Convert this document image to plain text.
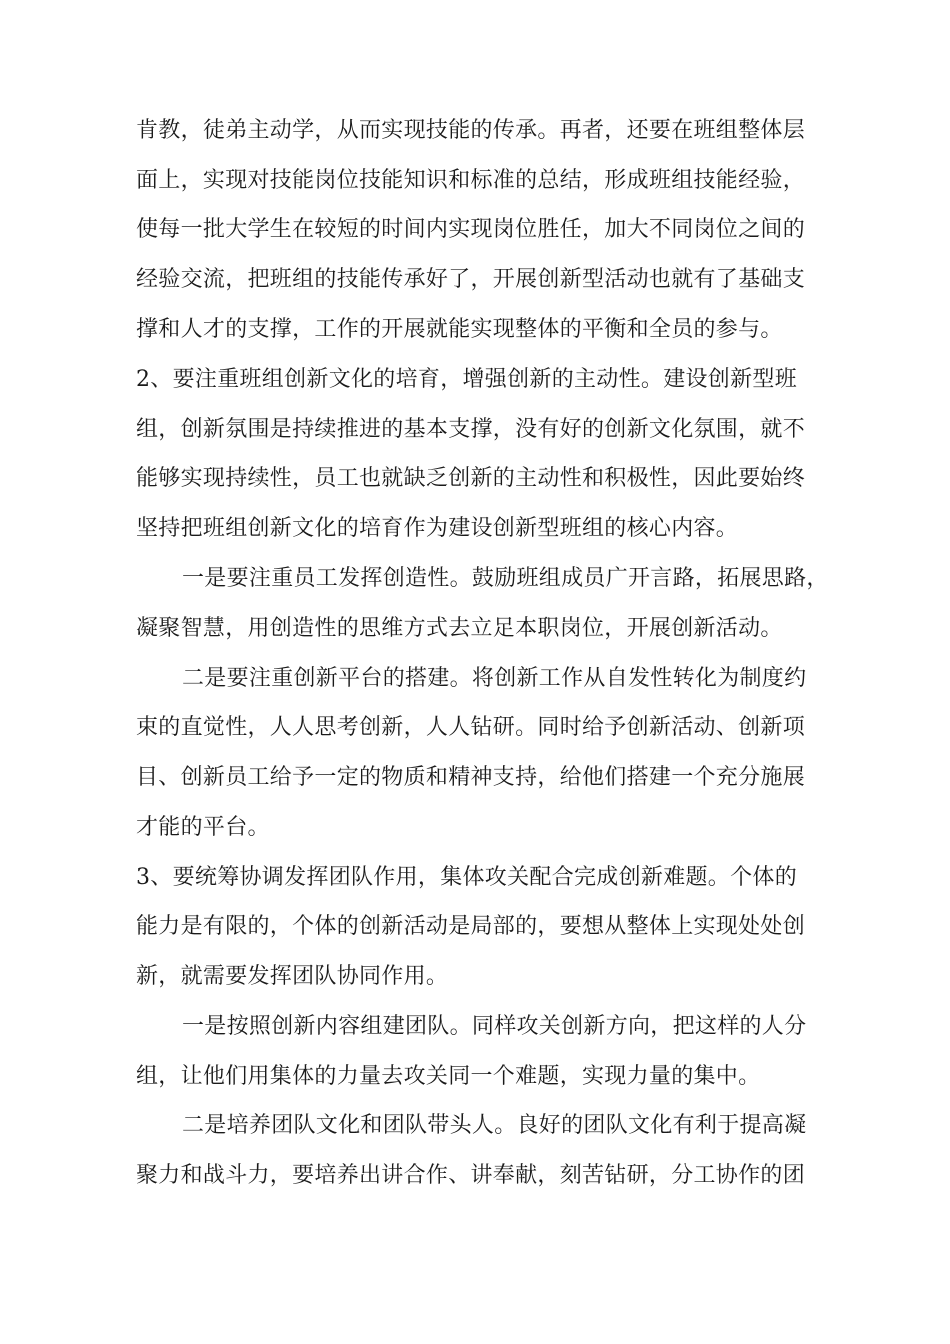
肯教，徒弟主动学，从而实现技能的传承。再者，还要在班组整体层
面上，实现对技能岗位技能知识和标准的总结，形成班组技能经验，
使每一批大学生在较短的时间内实现岗位胜任，加大不同岗位之间的
经验交流，把班组的技能传承好了，开展创新型活动也就有了基础支
撑和人才的支撑，工作的开展就能实现整体的平衡和全员的参与。
2、要注重班组创新文化的培育，增强创新的主动性。建设创新型班
组，创新氛围是持续推进的基本支撑，没有好的创新文化氛围，就不
能够实现持续性，员工也就缺乏创新的主动性和积极性，因此要始终
坚持把班组创新文化的培育作为建设创新型班组的核心内容。
一是要注重员工发挥创造性。鼓励班组成员广开言路，拓展思路，
凝聚智慧，用创造性的思维方式去立足本职岗位，开展创新活动。
二是要注重创新平台的搭建。将创新工作从自发性转化为制度约
束的直觉性，人人思考创新，人人钻研。同时给予创新活动、创新项
目、创新员工给予一定的物质和精神支持，给他们搭建一个充分施展
才能的平台。
3、要统筹协调发挥团队作用，集体攻关配合完成创新难题。个体的
能力是有限的，个体的创新活动是局部的，要想从整体上实现处处创
新，就需要发挥团队协同作用。
一是按照创新内容组建团队。同样攻关创新方向，把这样的人分
组，让他们用集体的力量去攻关同一个难题，实现力量的集中。
二是培养团队文化和团队带头人。良好的团队文化有利于提高凝
聚力和战斗力，要培养出讲合作、讲奉献，刻苦钻研，分工协作的团
